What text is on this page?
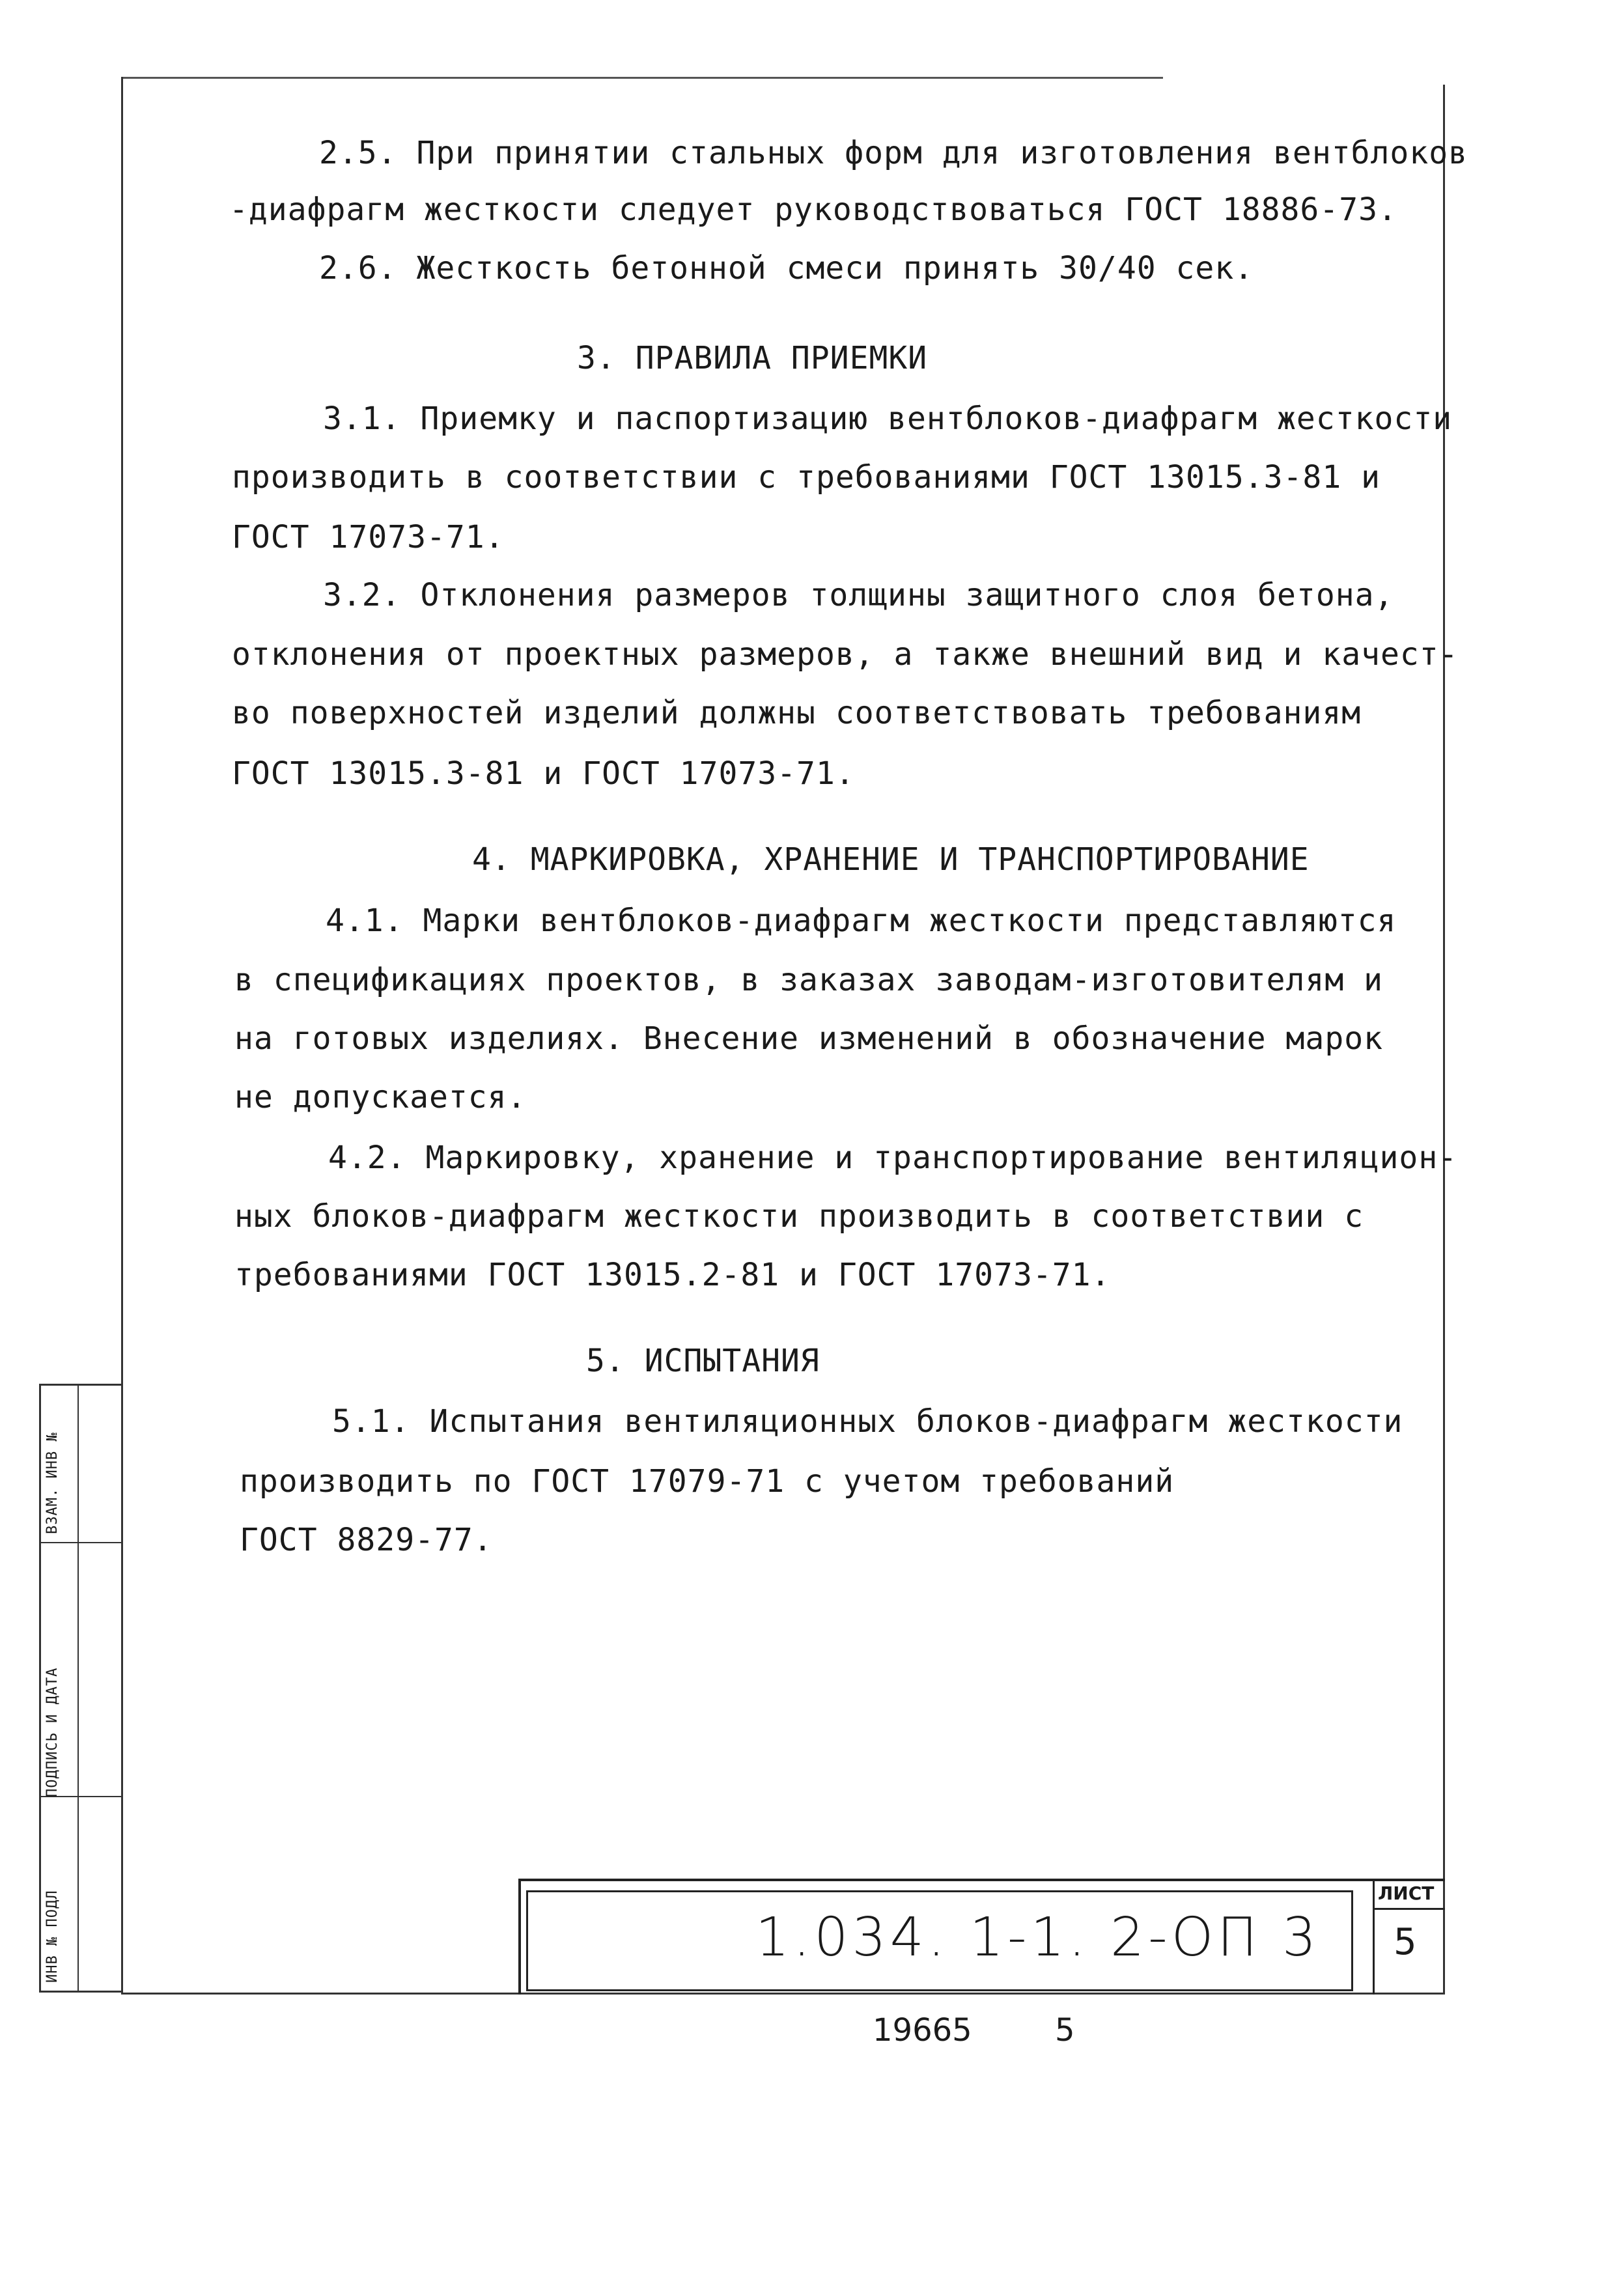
2.5. При принятии стальных форм для изготовления вентблоков
-диафрагм жесткости следует руководствоваться ГОСТ 18886-73.
2.6. Жесткость бетонной смеси принять 30/40 сек.
3. ПРАВИЛА ПРИЕМКИ
3.1. Приемку и паспортизацию вентблоков-диафрагм жесткости
производить в соответствии с требованиями ГОСТ 13015.3-81 и
ГОСТ 17073-71.
3.2. Отклонения размеров толщины защитного слоя бетона,
отклонения от проектных размеров, а также внешний вид и качест-
во поверхностей изделий должны соответствовать требованиям
ГОСТ 13015.3-81 и ГОСТ 17073-71.
4. МАРКИРОВКА, ХРАНЕНИЕ И ТРАНСПОРТИРОВАНИЕ
4.1. Марки вентблоков-диафрагм жесткости представляются
в спецификациях проектов, в заказах заводам-изготовителям и
на готовых изделиях. Внесение изменений в обозначение марок
не допускается.
4.2. Маркировку, хранение и транспортирование вентиляцион-
ных блоков-диафрагм жесткости производить в соответствии с
требованиями ГОСТ 13015.2-81 и ГОСТ 17073-71.
5. ИСПЫТАНИЯ
5.1. Испытания вентиляционных блоков-диафрагм жесткости
производить по ГОСТ 17079-71 с учетом требований
ГОСТ 8829-77.
ВЗАМ. ИНВ №
ПОДПИСЬ И ДАТА
ИНВ № ПОДЛ	1.034. 1-1. 2-ОП 3
ЛИСТ
5
19665	5
